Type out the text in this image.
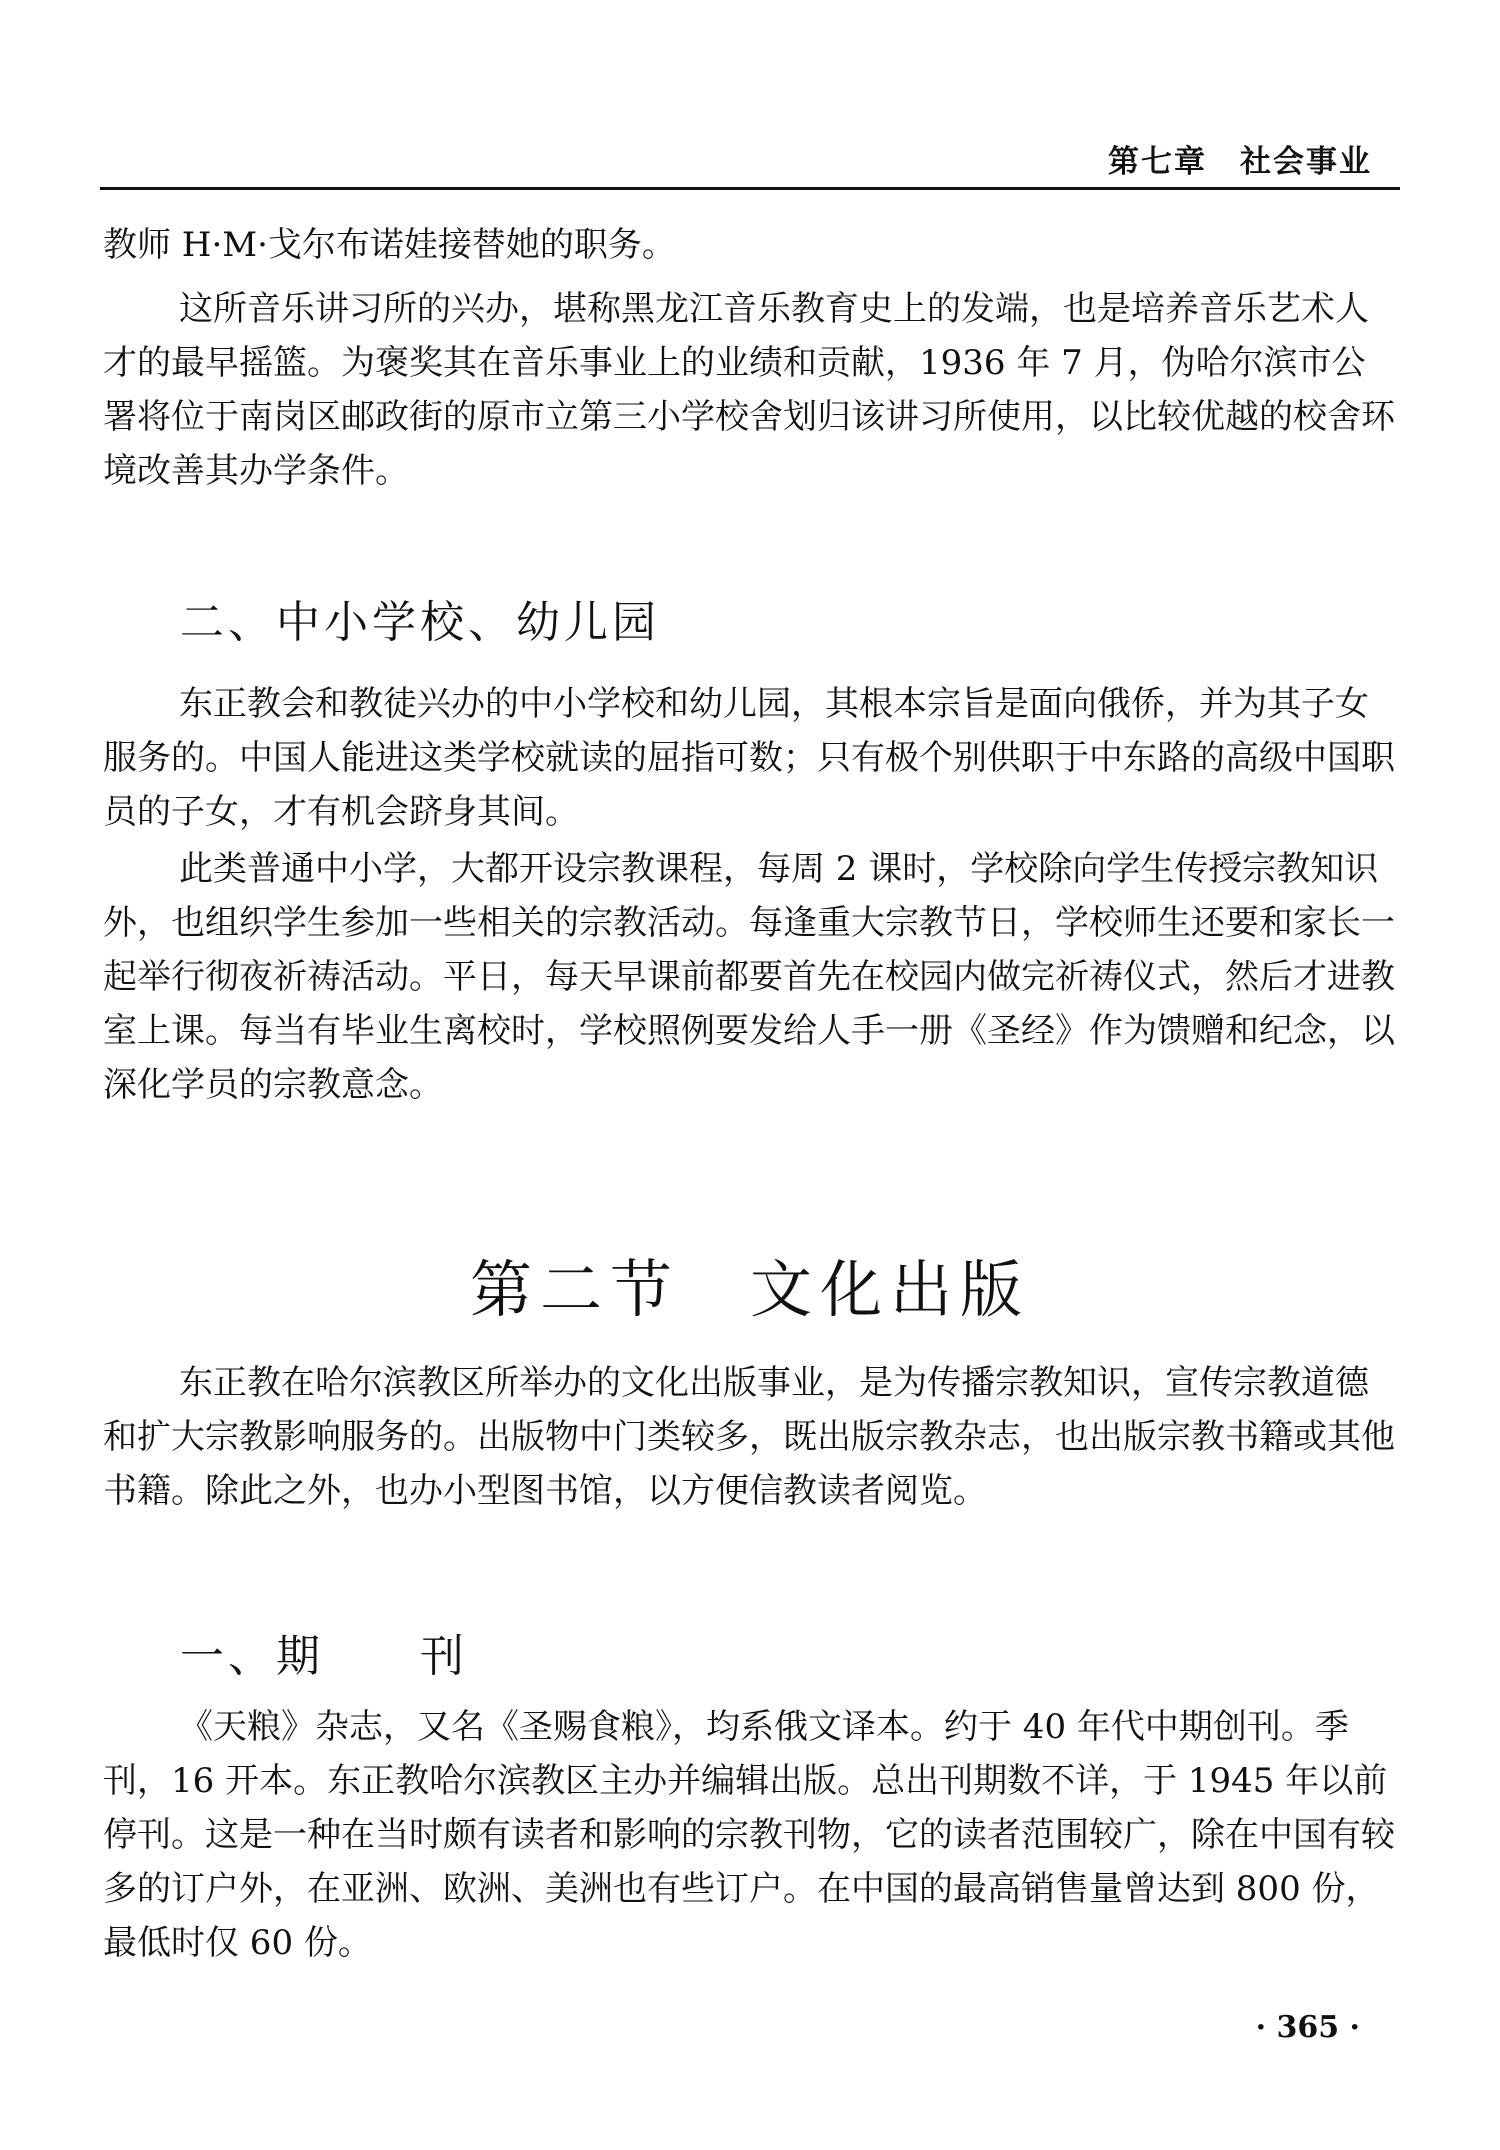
第七章　社会事业

教师 H·M·戈尔布诺娃接替她的职务。

这所音乐讲习所的兴办，堪称黑龙江音乐教育史上的发端，也是培养音乐艺术人才的最早摇篮。为褒奖其在音乐事业上的业绩和贡献，1936 年 7 月，伪哈尔滨市公署将位于南岗区邮政街的原市立第三小学校舍划归该讲习所使用，以比较优越的校舍环境改善其办学条件。

二、中小学校、幼儿园

东正教会和教徒兴办的中小学校和幼儿园，其根本宗旨是面向俄侨，并为其子女服务的。中国人能进这类学校就读的屈指可数；只有极个别供职于中东路的高级中国职员的子女，才有机会跻身其间。

此类普通中小学，大都开设宗教课程，每周 2 课时，学校除向学生传授宗教知识外，也组织学生参加一些相关的宗教活动。每逢重大宗教节日，学校师生还要和家长一起举行彻夜祈祷活动。平日，每天早课前都要首先在校园内做完祈祷仪式，然后才进教室上课。每当有毕业生离校时，学校照例要发给人手一册《圣经》作为馈赠和纪念，以深化学员的宗教意念。

第二节　文化出版

东正教在哈尔滨教区所举办的文化出版事业，是为传播宗教知识，宣传宗教道德和扩大宗教影响服务的。出版物中门类较多，既出版宗教杂志，也出版宗教书籍或其他书籍。除此之外，也办小型图书馆，以方便信教读者阅览。

一、期　　刊

《天粮》杂志，又名《圣赐食粮》，均系俄文译本。约于 40 年代中期创刊。季刊，16 开本。东正教哈尔滨教区主办并编辑出版。总出刊期数不详，于 1945 年以前停刊。这是一种在当时颇有读者和影响的宗教刊物，它的读者范围较广，除在中国有较多的订户外，在亚洲、欧洲、美洲也有些订户。在中国的最高销售量曾达到 800 份，最低时仅 60 份。

· 365 ·
